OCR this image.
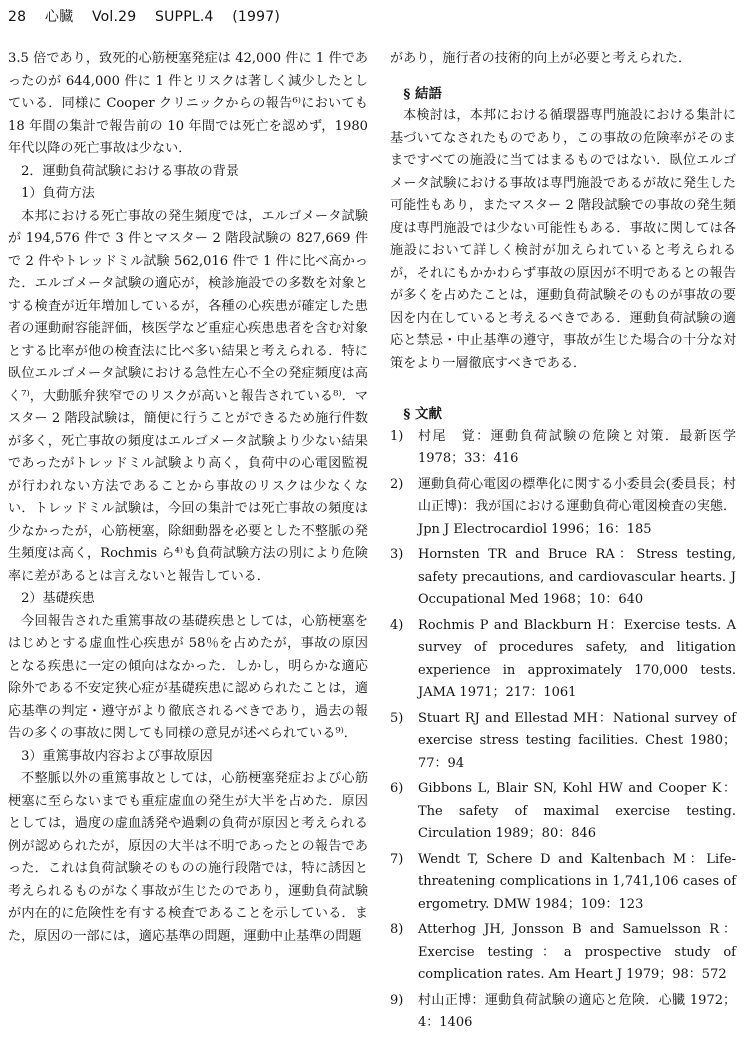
28 心臓 Vol.29 SUPPL.4 (1997)

3.5 倍であり，致死的心筋梗塞発症は 42,000 件に 1 件であったのが 644,000 件に 1 件とリスクは著しく減少したとしている．同様に Cooper クリニックからの報告⁶⁾においても 18 年間の集計で報告前の 10 年間では死亡を認めず，1980 年代以降の死亡事故は少ない．

2．運動負荷試験における事故の背景

1）負荷方法

本邦における死亡事故の発生頻度では，エルゴメータ試験が 194,576 件で 3 件とマスター 2 階段試験の 827,669 件で 2 件やトレッドミル試験 562,016 件で 1 件に比べ高かった．エルゴメータ試験の適応が，検診施設での多数を対象とする検査が近年増加しているが，各種の心疾患が確定した患者の運動耐容能評価，核医学など重症心疾患患者を含む対象とする比率が他の検査法に比べ多い結果と考えられる．特に臥位エルゴメータ試験における急性左心不全の発症頻度は高く⁷⁾，大動脈弁狭窄でのリスクが高いと報告されている⁸⁾．マスター 2 階段試験は，簡便に行うことができるため施行件数が多く，死亡事故の頻度はエルゴメータ試験より少ない結果であったがトレッドミル試験より高く，負荷中の心電図監視が行われない方法であることから事故のリスクは少なくない．トレッドミル試験は，今回の集計では死亡事故の頻度は少なかったが，心筋梗塞，除細動器を必要とした不整脈の発生頻度は高く，Rochmis ら⁴⁾も負荷試験方法の別により危険率に差があるとは言えないと報告している．

2）基礎疾患

今回報告された重篤事故の基礎疾患としては，心筋梗塞をはじめとする虚血性心疾患が 58％を占めたが，事故の原因となる疾患に一定の傾向はなかった．しかし，明らかな適応除外である不安定狭心症が基礎疾患に認められたことは，適応基準の判定・遵守がより徹底されるべきであり，過去の報告の多くの事故に関しても同様の意見が述べられている⁹⁾．

3）重篤事故内容および事故原因

不整脈以外の重篤事故としては，心筋梗塞発症および心筋梗塞に至らないまでも重症虚血の発生が大半を占めた．原因としては，過度の虚血誘発や過剰の負荷が原因と考えられる例が認められたが，原因の大半は不明であったとの報告であった．これは負荷試験そのものの施行段階では，特に誘因と考えられるものがなく事故が生じたのであり，運動負荷試験が内在的に危険性を有する検査であることを示している．また，原因の一部には，適応基準の問題，運動中止基準の問題

があり，施行者の技術的向上が必要と考えられた．

§ 結語

本検討は，本邦における循環器専門施設における集計に基づいてなされたものであり，この事故の危険率がそのままですべての施設に当てはまるものではない．臥位エルゴメータ試験における事故は専門施設であるが故に発生した可能性もあり，またマスター 2 階段試験での事故の発生頻度は専門施設では少ない可能性もある．事故に関しては各施設において詳しく検討が加えられていると考えられるが，それにもかかわらず事故の原因が不明であるとの報告が多くを占めたことは，運動負荷試験そのものが事故の要因を内在していると考えるべきである．運動負荷試験の適応と禁忌・中止基準の遵守，事故が生じた場合の十分な対策をより一層徹底すべきである．

§ 文献

1)	村尾　覚：運動負荷試験の危険と対策．最新医学 1978；33：416
2)	運動負荷心電図の標準化に関する小委員会(委員長；村山正博)：我が国における運動負荷心電図検査の実態．Jpn J Electrocardiol 1996；16：185
3)	Hornsten TR and Bruce RA：Stress testing, safety precautions, and cardiovascular hearts. J Occupational Med 1968；10：640
4)	Rochmis P and Blackburn H：Exercise tests. A survey of procedures safety, and litigation experience in approximately 170,000 tests. JAMA 1971；217：1061
5)	Stuart RJ and Ellestad MH：National survey of exercise stress testing facilities. Chest 1980；77：94
6)	Gibbons L, Blair SN, Kohl HW and Cooper K：The safety of maximal exercise testing. Circulation 1989；80：846
7)	Wendt T, Schere D and Kaltenbach M：Life-threatening complications in 1,741,106 cases of ergometry. DMW 1984；109：123
8)	Atterhog JH, Jonsson B and Samuelsson R：Exercise testing：a prospective study of complication rates. Am Heart J 1979；98：572
9)	村山正博：運動負荷試験の適応と危険．心臓 1972；4：1406
